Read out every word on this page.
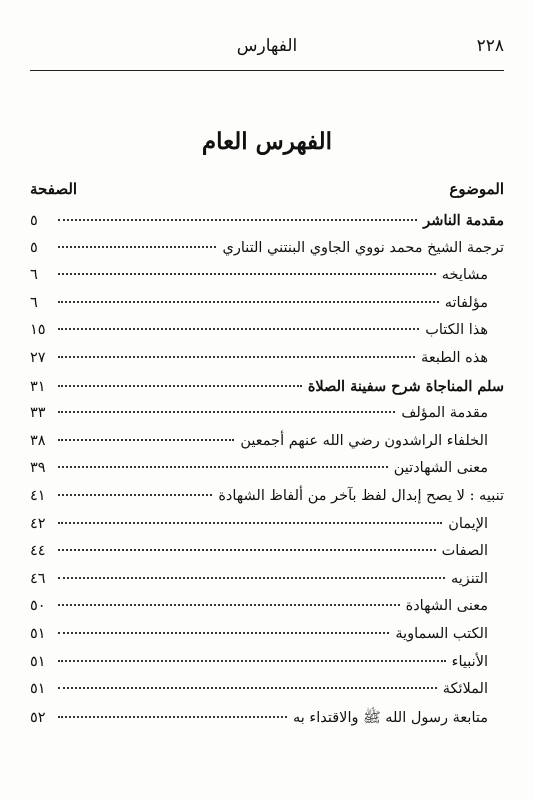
٢٢٨
الفهارس
الفهرس العام
الموضوع
الصفحة
مقدمة الناشر
٥
ترجمة الشيخ محمد نووي الجاوي البنتني التناري
٥
مشايخه
٦
مؤلفاته
٦
هذا الكتاب
١٥
هذه الطبعة
٢٧
سلم المناجاة شرح سفينة الصلاة
٣١
مقدمة المؤلف
٣٣
الخلفاء الراشدون رضي الله عنهم أجمعين
٣٨
معنى الشهادتين
٣٩
تنبيه : لا يصح إبدال لفظ بآخر من ألفاظ الشهادة
٤١
الإيمان
٤٢
الصفات
٤٤
التنزيه
٤٦
معنى الشهادة
٥٠
الكتب السماوية
٥١
الأنبياء
٥١
الملائكة
٥١
متابعة رسول الله ﷺ والاقتداء به
٥٢
